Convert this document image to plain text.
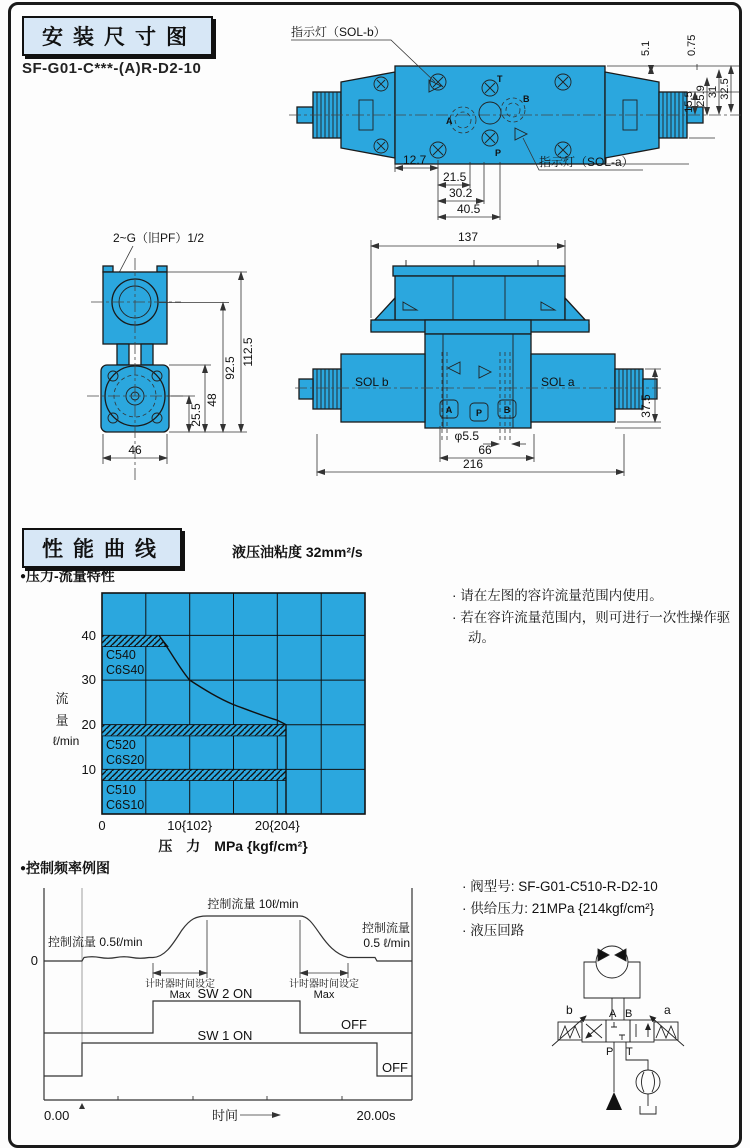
安装尺寸图
SF-G01-C***-(A)R-D2-10
T
B
A
P
指示灯（SOL-b）
指示灯（SOL-a）
5.1	0.75
15.5 25.9 31 32.5
12.7
21.5
30.2
40.5
2~G（旧PF）1/2
112.5
92.5
48
25.5
46
A	P B
SOL b	SOL a
137
37.5
φ5.5
66
216
性能曲线	液压油粘度 32mm²/s
●压力-流量特性
C540
C6S40
C520
C6S20
C510
C6S10
40
30
20
10
0	10{102}	20{204}
流
量
ℓ/min
压　力　MPa {kgf/cm²}
· 请在左图的容许流量范围内使用。
· 若在容许流量范围内，则可进行一次性操作驱动。
●控制频率例图
0
控制流量 0.5ℓ/min
控制流量 10ℓ/min
控制流量
0.5 ℓ/min
计时器时间设定
Max
计时器时间设定
Max
SW 2 ON
OFF
SW 1 ON
OFF
0.00	时间	20.00s
· 阀型号: SF-G01-C510-R-D2-10
· 供给压力: 21MPa {214kgf/cm²}
· 液压回路
b	A B	a
P T
